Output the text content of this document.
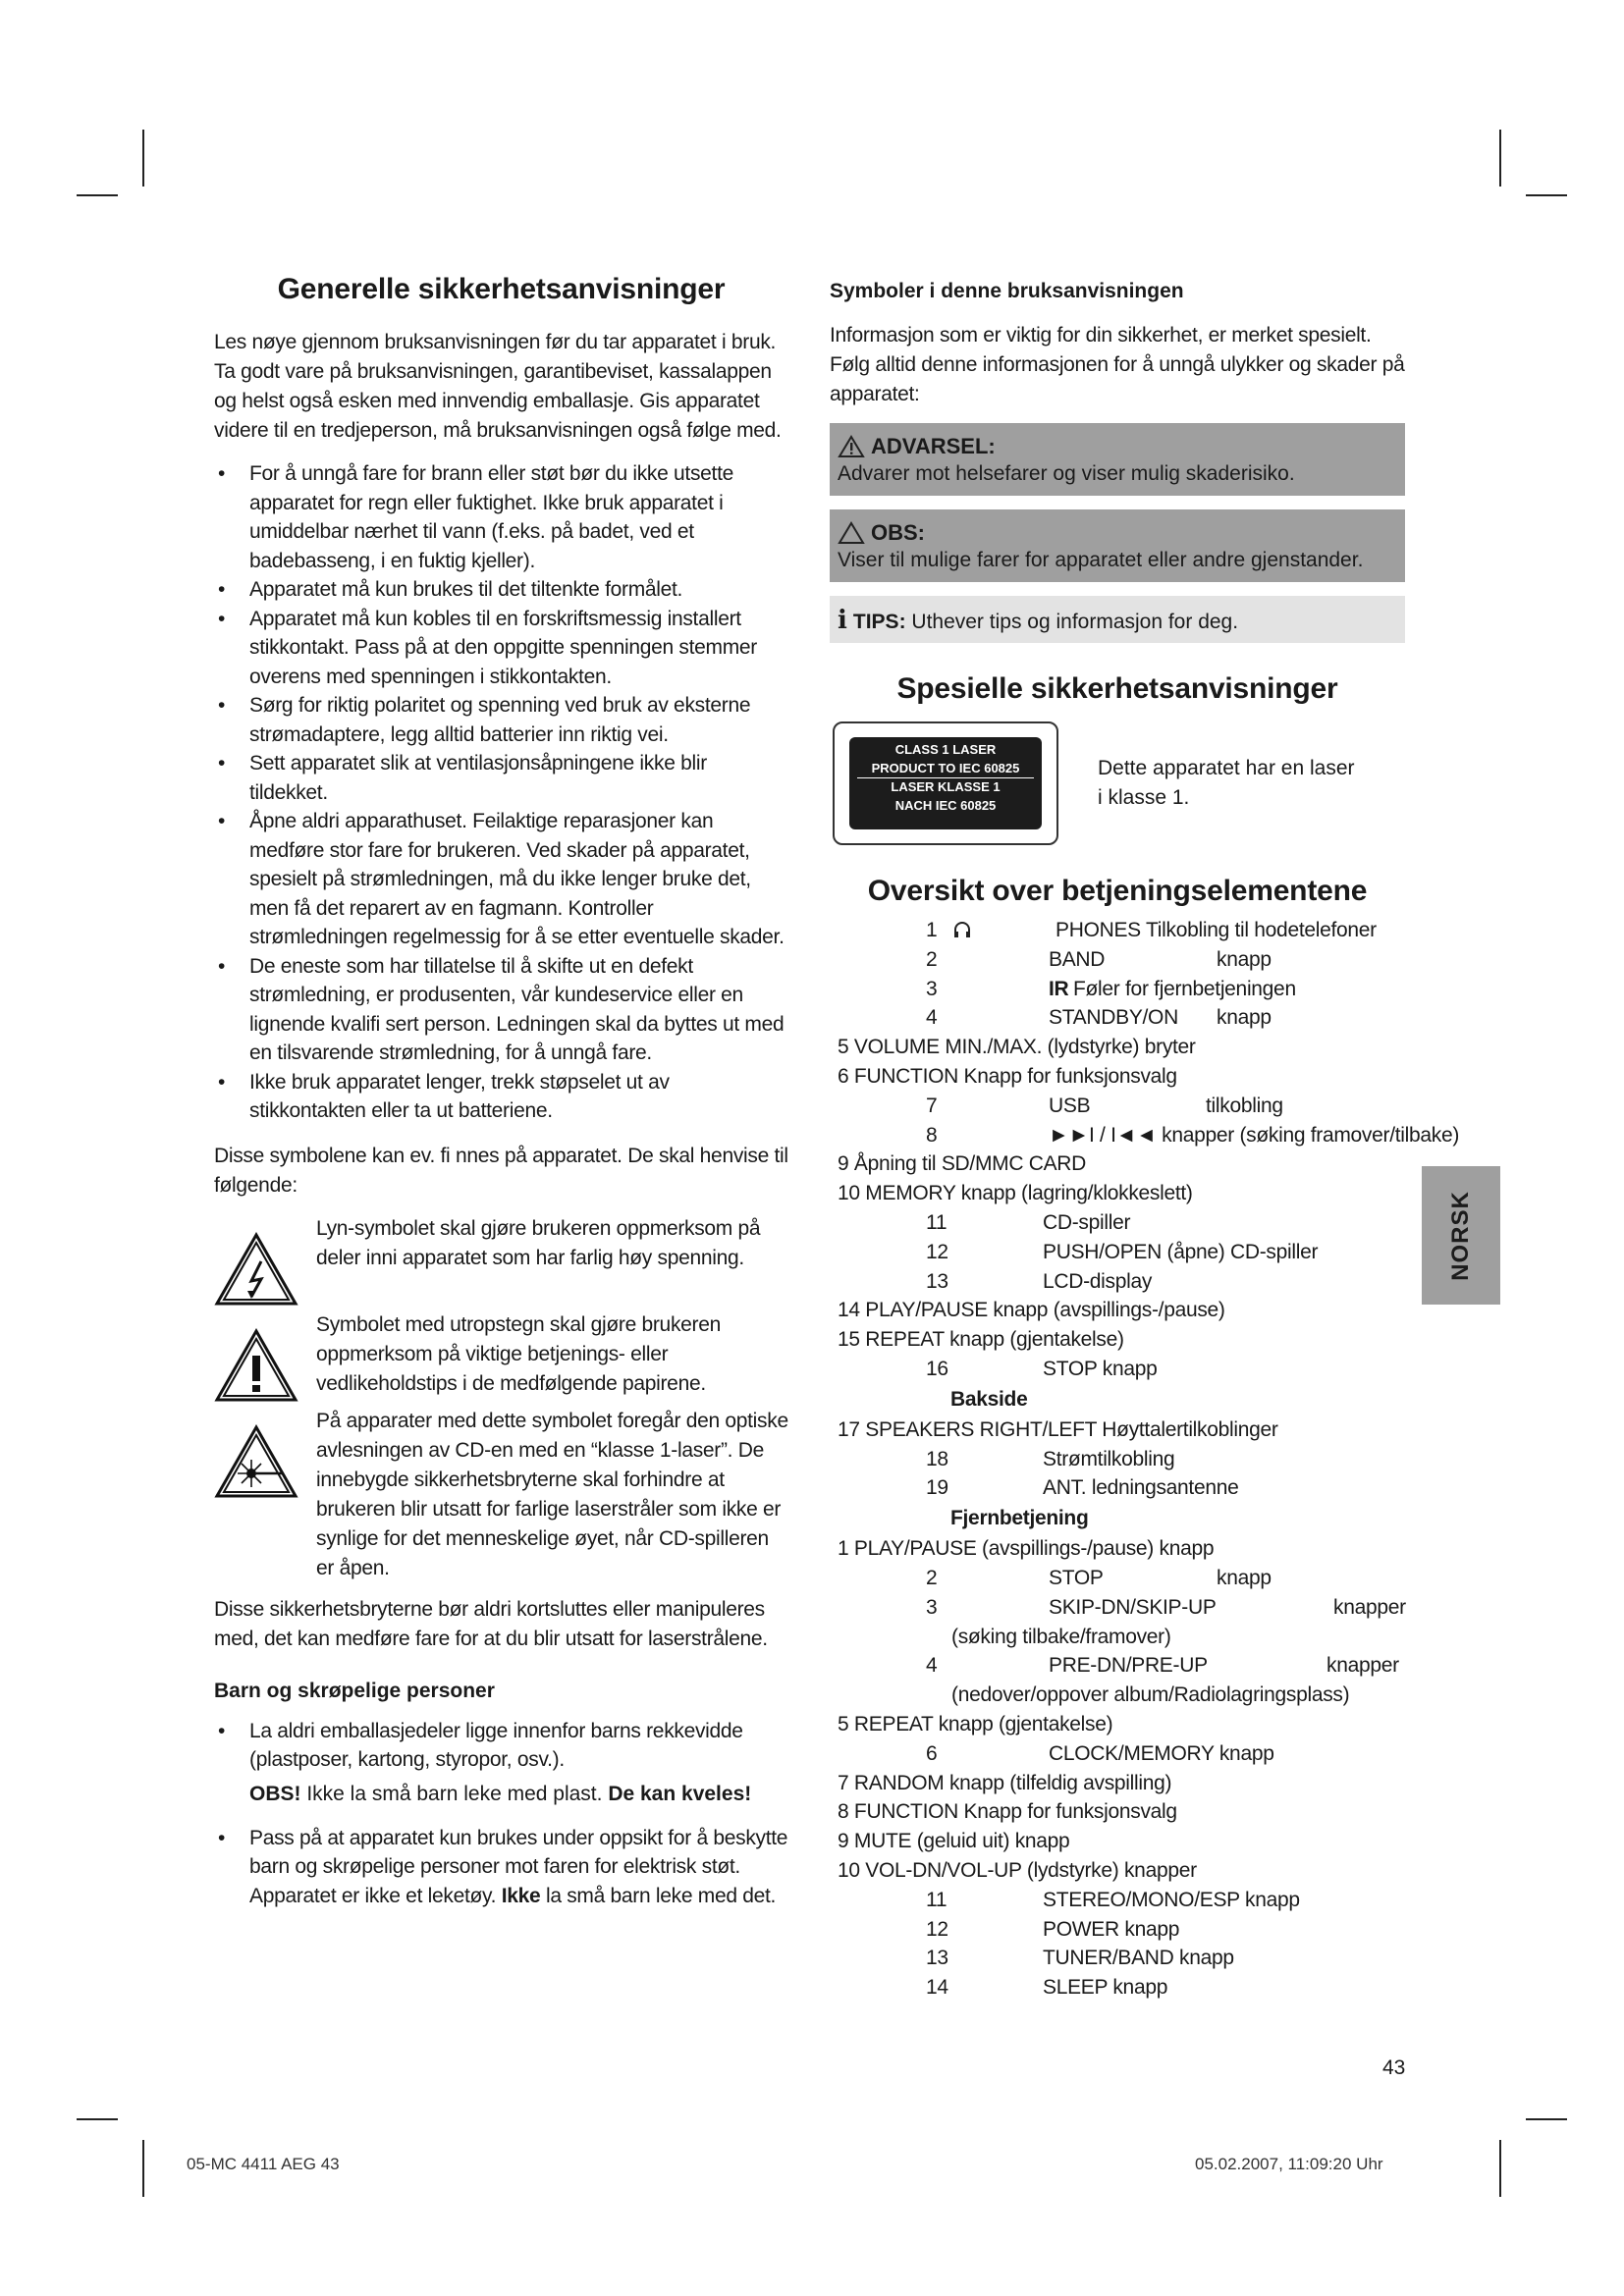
Generelle sikkerhetsanvisninger

Les nøye gjennom bruksanvisningen før du tar apparatet i bruk. Ta godt vare på bruksanvisningen, garantibeviset, kassalappen og helst også esken med innvendig emballasje. Gis apparatet videre til en tredjeperson, må bruksanvisningen også følge med.

• For å unngå fare for brann eller støt bør du ikke utsette apparatet for regn eller fuktighet. Ikke bruk apparatet i umiddelbar nærhet til vann (f.eks. på badet, ved et badebasseng, i en fuktig kjeller).
• Apparatet må kun brukes til det tiltenkte formålet.
• Apparatet må kun kobles til en forskriftsmessig installert stikkontakt. Pass på at den oppgitte spenningen stemmer overens med spenningen i stikkontakten.
• Sørg for riktig polaritet og spenning ved bruk av eksterne strømadaptere, legg alltid batterier inn riktig vei.
• Sett apparatet slik at ventilasjonsåpningene ikke blir tildekket.
• Åpne aldri apparathuset. Feilaktige reparasjoner kan medføre stor fare for brukeren. Ved skader på apparatet, spesielt på strømledningen, må du ikke lenger bruke det, men få det reparert av en fagmann. Kontroller strømledningen regelmessig for å se etter eventuelle skader.
• De eneste som har tillatelse til å skifte ut en defekt strømledning, er produsenten, vår kundeservice eller en lignende kvalifi sert person. Ledningen skal da byttes ut med en tilsvarende strømledning, for å unngå fare.
• Ikke bruk apparatet lenger, trekk støpselet ut av stikkontakten eller ta ut batteriene.

Disse symbolene kan ev. fi nnes på apparatet. De skal henvise til følgende:

Lyn-symbolet skal gjøre brukeren oppmerksom på deler inni apparatet som har farlig høy spenning.
Symbolet med utropstegn skal gjøre brukeren oppmerksom på viktige betjenings- eller vedlikeholdstips i de medfølgende papirene.
På apparater med dette symbolet foregår den optiske avlesningen av CD-en med en “klasse 1-laser”. De innebygde sikkerhetsbryterne skal forhindre at brukeren blir utsatt for farlige laserstråler som ikke er synlige for det menneskelige øyet, når CD-spilleren er åpen.

Disse sikkerhetsbryterne bør aldri kortsluttes eller manipuleres med, det kan medføre fare for at du blir utsatt for laserstrålene.

Barn og skrøpelige personer
• La aldri emballasjedeler ligge innenfor barns rekkevidde (plastposer, kartong, styropor, osv.).
OBS! Ikke la små barn leke med plast. De kan kveles!
• Pass på at apparatet kun brukes under oppsikt for å beskytte barn og skrøpelige personer mot faren for elektrisk støt. Apparatet er ikke et leketøy. Ikke la små barn leke med det.
Symboler i denne bruksanvisningen

Informasjon som er viktig for din sikkerhet, er merket spesielt. Følg alltid denne informasjonen for å unngå ulykker og skader på apparatet:

ADVARSEL:
Advarer mot helsefarer og viser mulig skaderisiko.
OBS:
Viser til mulige farer for apparatet eller andre gjenstander.
i TIPS: Uthever tips og informasjon for deg.
Spesielle sikkerhetsanvisninger
CLASS 1 LASER
PRODUCT TO IEC 60825
LASER KLASSE 1
NACH IEC 60825
Dette apparatet har en laser i klasse 1.
Oversikt over betjeningselementene
1	PHONES Tilkobling til hodetelefoner
2	BAND	knapp
3	IR Føler for fjernbetjeningen
4	STANDBY/ON knapp
5 VOLUME MIN./MAX. (lydstyrke) bryter
6 FUNCTION Knapp for funksjonsvalg
7	USB	tilkobling
8	►►I / I◄◄ knapper (søking framover/tilbake)
9 Åpning til SD/MMC CARD
10 MEMORY knapp (lagring/klokkeslett)
11	CD-spiller
12	PUSH/OPEN (åpne) CD-spiller
13	LCD-display
14 PLAY/PAUSE knapp (avspillings-/pause)
15 REPEAT knapp (gjentakelse)
16	STOP knapp
Bakside
17 SPEAKERS RIGHT/LEFT Høyttalertilkoblinger
18	Strømtilkobling
19	ANT. ledningsantenne
Fjernbetjening
1 PLAY/PAUSE (avspillings-/pause) knapp
2	STOP	knapp
3	SKIP-DN/SKIP-UP	knapper
(søking tilbake/framover)
4	PRE-DN/PRE-UP	knapper
(nedover/oppover album/Radiolagringsplass)
5 REPEAT knapp (gjentakelse)
6	CLOCK/MEMORY knapp
7 RANDOM knapp (tilfeldig avspilling)
8 FUNCTION Knapp for funksjonsvalg
9 MUTE (geluid uit) knapp
10 VOL-DN/VOL-UP (lydstyrke) knapper
11	STEREO/MONO/ESP knapp
12	POWER knapp
13	TUNER/BAND knapp
14	SLEEP knapp
NORSK
43
05-MC 4411 AEG 43	05.02.2007, 11:09:20 Uhr
